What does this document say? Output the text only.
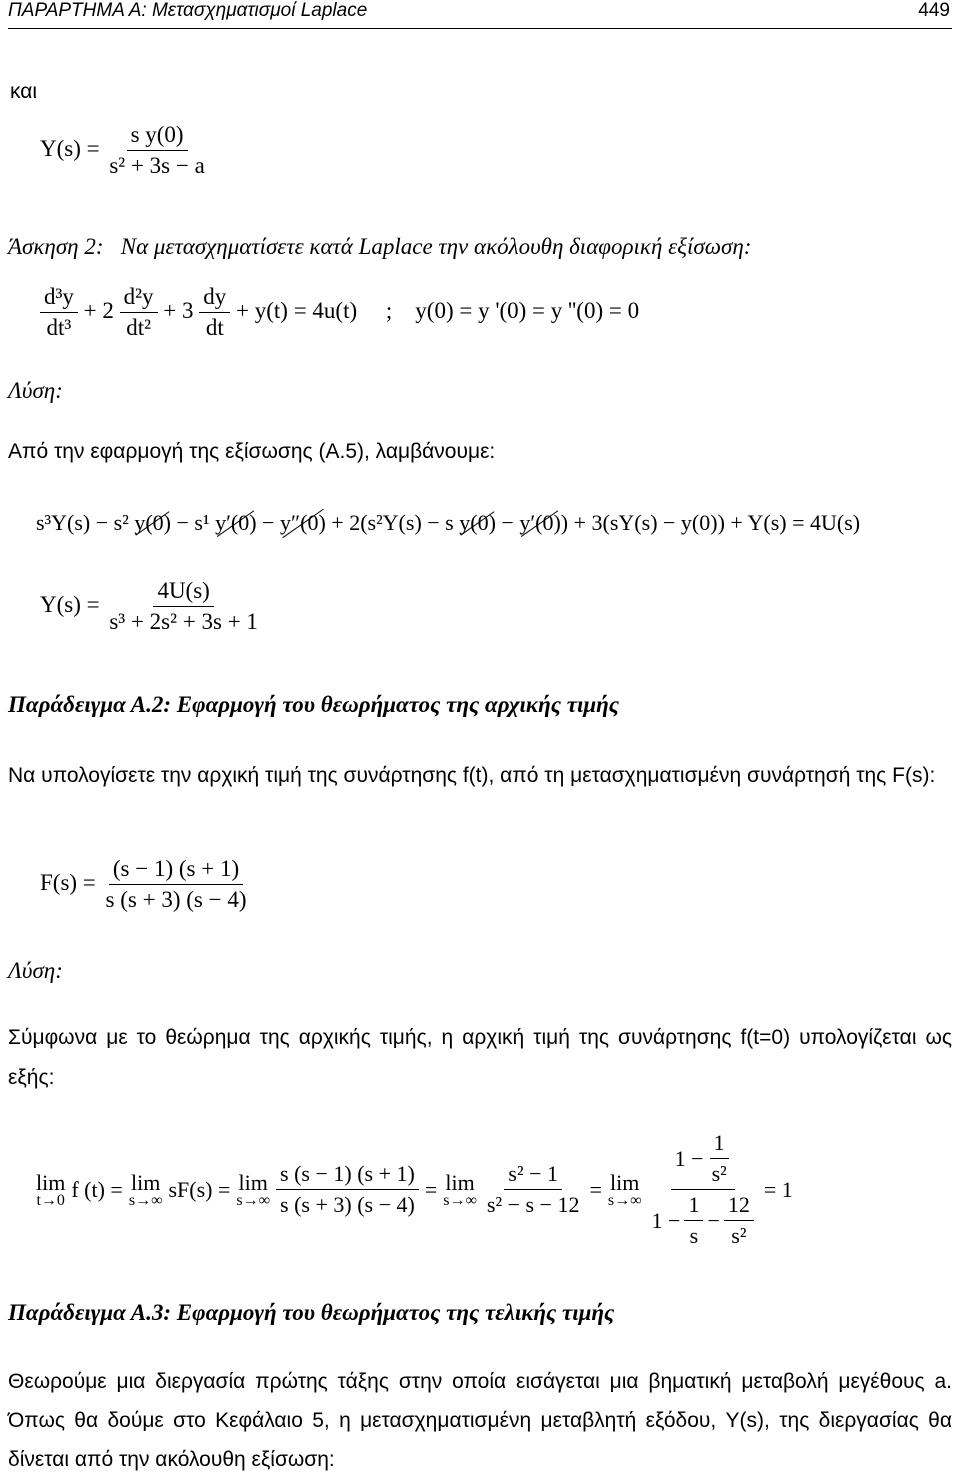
ΠΑΡΑΡΤΗΜΑ Α: Μετασχηματισμοί Laplace	449
και
$Y(s) = \frac{\text{s y(0)}}{\text{s² + 3s − a}}$
Άσκηση 2: Να μετασχηματίσετε κατά Laplace την ακόλουθη διαφορική εξίσωση:
$\frac{\text{d³y}}{\text{dt³}} + 2 \frac{\text{d²y}}{\text{dt²}} + 3 \frac{dy}{dt} + y(t) = 4u(t)$ ; y(0) = y '(0) = y ''(0) = 0
Λύση:
Από την εφαρμογή της εξίσωσης (Α.5), λαμβάνουμε:
s³Y(s) − s² y(0) − s¹ y′(0) − y″(0) + 2(s²Y(s) − s y(0) − y′(0)) + 3(sY(s) − y(0)) + Y(s) = 4U(s)
$Y(s) = \frac{4U(s)}{\text{s³ + 2s² + 3s + 1}}$
Παράδειγμα Α.2: Εφαρμογή του θεωρήματος της αρχικής τιμής
Να υπολογίσετε την αρχική τιμή της συνάρτησης f(t), από τη μετασχηματισμένη συνάρτησή της F(s):
$F(s) = \frac{(s - 1) (s + 1)}{s (s + 3) (s - 4)}$
Λύση:
Σύμφωνα με το θεώρημα της αρχικής τιμής, η αρχική τιμή της συνάρτησης f(t=0) υπολογίζεται ως εξής:
lim
t→0 f (t) = lim
s→∞ sF(s) = lim
$s\to\infty \frac{s (s - 1) (s + 1)}{s (s + 3) (s - 4)} = \lim$
$s\to\infty \frac{\text{s² − 1}}{\text{s² − s − 12}} = \lim$
s→∞
$1 - \frac{1}{\text{s²}}$
$1 - \frac{1}{s} - \frac{12}{\text{s²}}$
= 1
Παράδειγμα Α.3: Εφαρμογή του θεωρήματος της τελικής τιμής
Θεωρούμε μια διεργασία πρώτης τάξης στην οποία εισάγεται μια βηματική μεταβολή μεγέθους a. Όπως θα δούμε στο Κεφάλαιο 5, η μετασχηματισμένη μεταβλητή εξόδου, Y(s), της διεργασίας θα δίνεται από την ακόλουθη εξίσωση:
